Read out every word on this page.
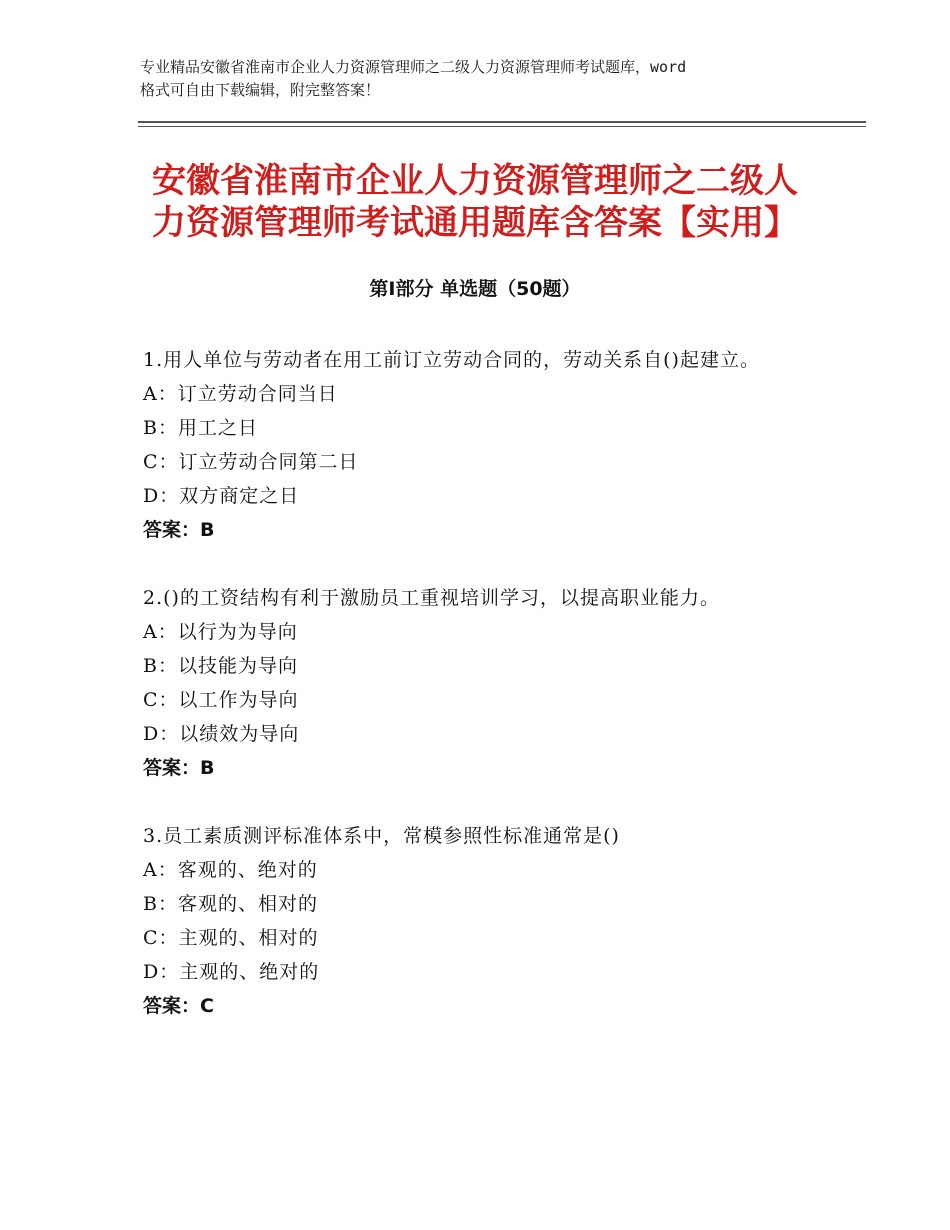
专业精品安徽省淮南市企业人力资源管理师之二级人力资源管理师考试题库，word
格式可自由下载编辑，附完整答案！
安徽省淮南市企业人力资源管理师之二级人
力资源管理师考试通用题库含答案【实用】
第Ⅰ部分 单选题（50题）
1.用人单位与劳动者在用工前订立劳动合同的，劳动关系自()起建立。
A：订立劳动合同当日
B：用工之日
C：订立劳动合同第二日
D：双方商定之日
答案：B
2.()的工资结构有利于激励员工重视培训学习，以提高职业能力。
A：以行为为导向
B：以技能为导向
C：以工作为导向
D：以绩效为导向
答案：B
3.员工素质测评标准体系中，常模参照性标准通常是()
A：客观的、绝对的
B：客观的、相对的
C：主观的、相对的
D：主观的、绝对的
答案：C
